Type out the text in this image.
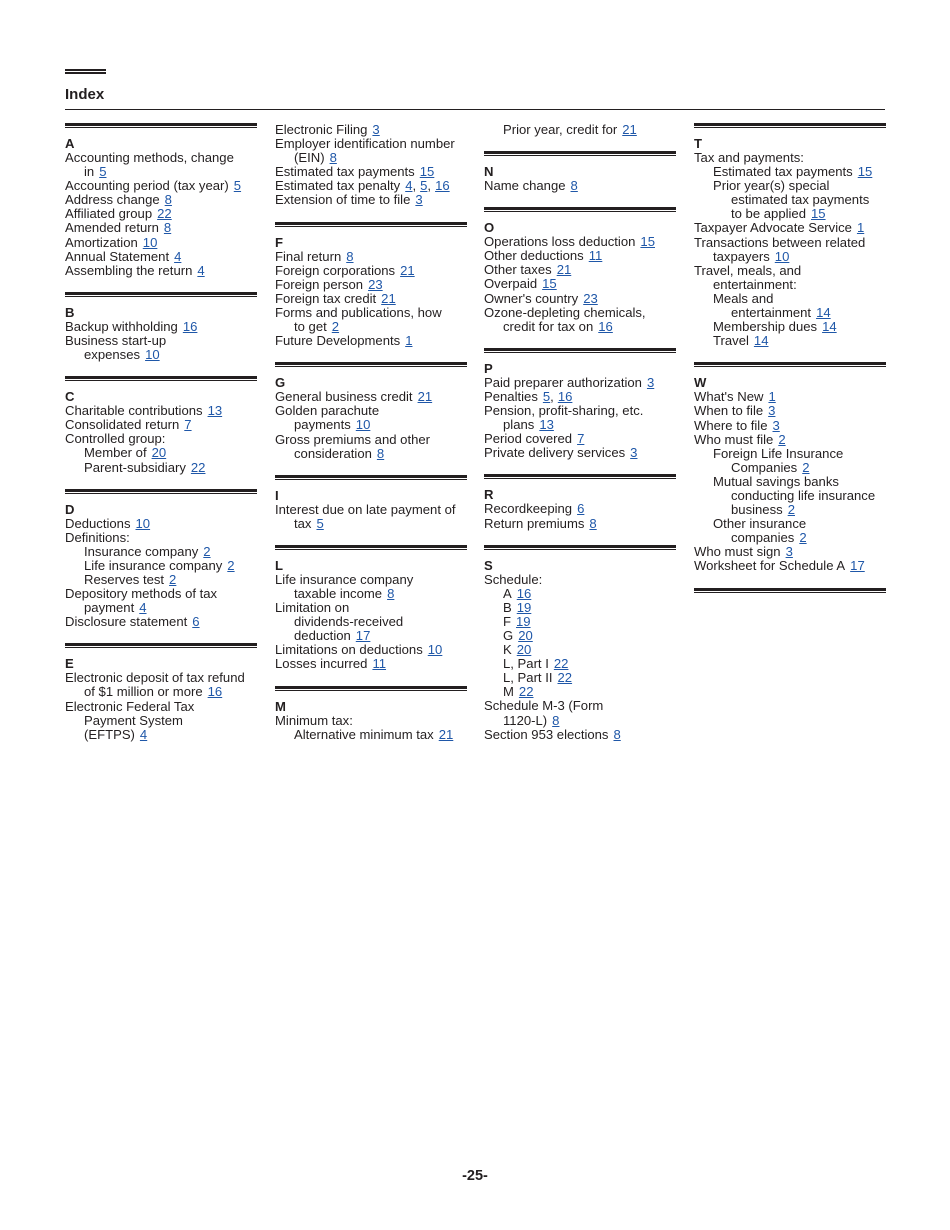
Index
A
Accounting methods, change
in 5
Accounting period (tax year) 5
Address change 8
Affiliated group 22
Amended return 8
Amortization 10
Annual Statement 4
Assembling the return 4
B
Backup withholding 16
Business start-up
expenses 10
C
Charitable contributions 13
Consolidated return 7
Controlled group:
Member of 20
Parent-subsidiary 22
D
Deductions 10
Definitions:
Insurance company 2
Life insurance company 2
Reserves test 2
Depository methods of tax
payment 4
Disclosure statement 6
E
Electronic deposit of tax refund
of $1 million or more 16
Electronic Federal Tax
Payment System
(EFTPS) 4
Electronic Filing 3
Employer identification number
(EIN) 8
Estimated tax payments 15
Estimated tax penalty 4, 5, 16
Extension of time to file 3
F
Final return 8
Foreign corporations 21
Foreign person 23
Foreign tax credit 21
Forms and publications, how
to get 2
Future Developments 1
G
General business credit 21
Golden parachute
payments 10
Gross premiums and other
consideration 8
I
Interest due on late payment of
tax 5
L
Life insurance company
taxable income 8
Limitation on
dividends-received
deduction 17
Limitations on deductions 10
Losses incurred 11
M
Minimum tax:
Alternative minimum tax 21
Prior year, credit for 21
N
Name change 8
O
Operations loss deduction 15
Other deductions 11
Other taxes 21
Overpaid 15
Owner's country 23
Ozone-depleting chemicals,
credit for tax on 16
P
Paid preparer authorization 3
Penalties 5, 16
Pension, profit-sharing, etc.
plans 13
Period covered 7
Private delivery services 3
R
Recordkeeping 6
Return premiums 8
S
Schedule:
A 16
B 19
F 19
G 20
K 20
L, Part I 22
L, Part II 22
M 22
Schedule M-3 (Form
1120-L) 8
Section 953 elections 8
T
Tax and payments:
Estimated tax payments 15
Prior year(s) special
estimated tax payments
to be applied 15
Taxpayer Advocate Service 1
Transactions between related
taxpayers 10
Travel, meals, and
entertainment:
Meals and
entertainment 14
Membership dues 14
Travel 14
W
What's New 1
When to file 3
Where to file 3
Who must file 2
Foreign Life Insurance
Companies 2
Mutual savings banks
conducting life insurance
business 2
Other insurance
companies 2
Who must sign 3
Worksheet for Schedule A 17
-25-
